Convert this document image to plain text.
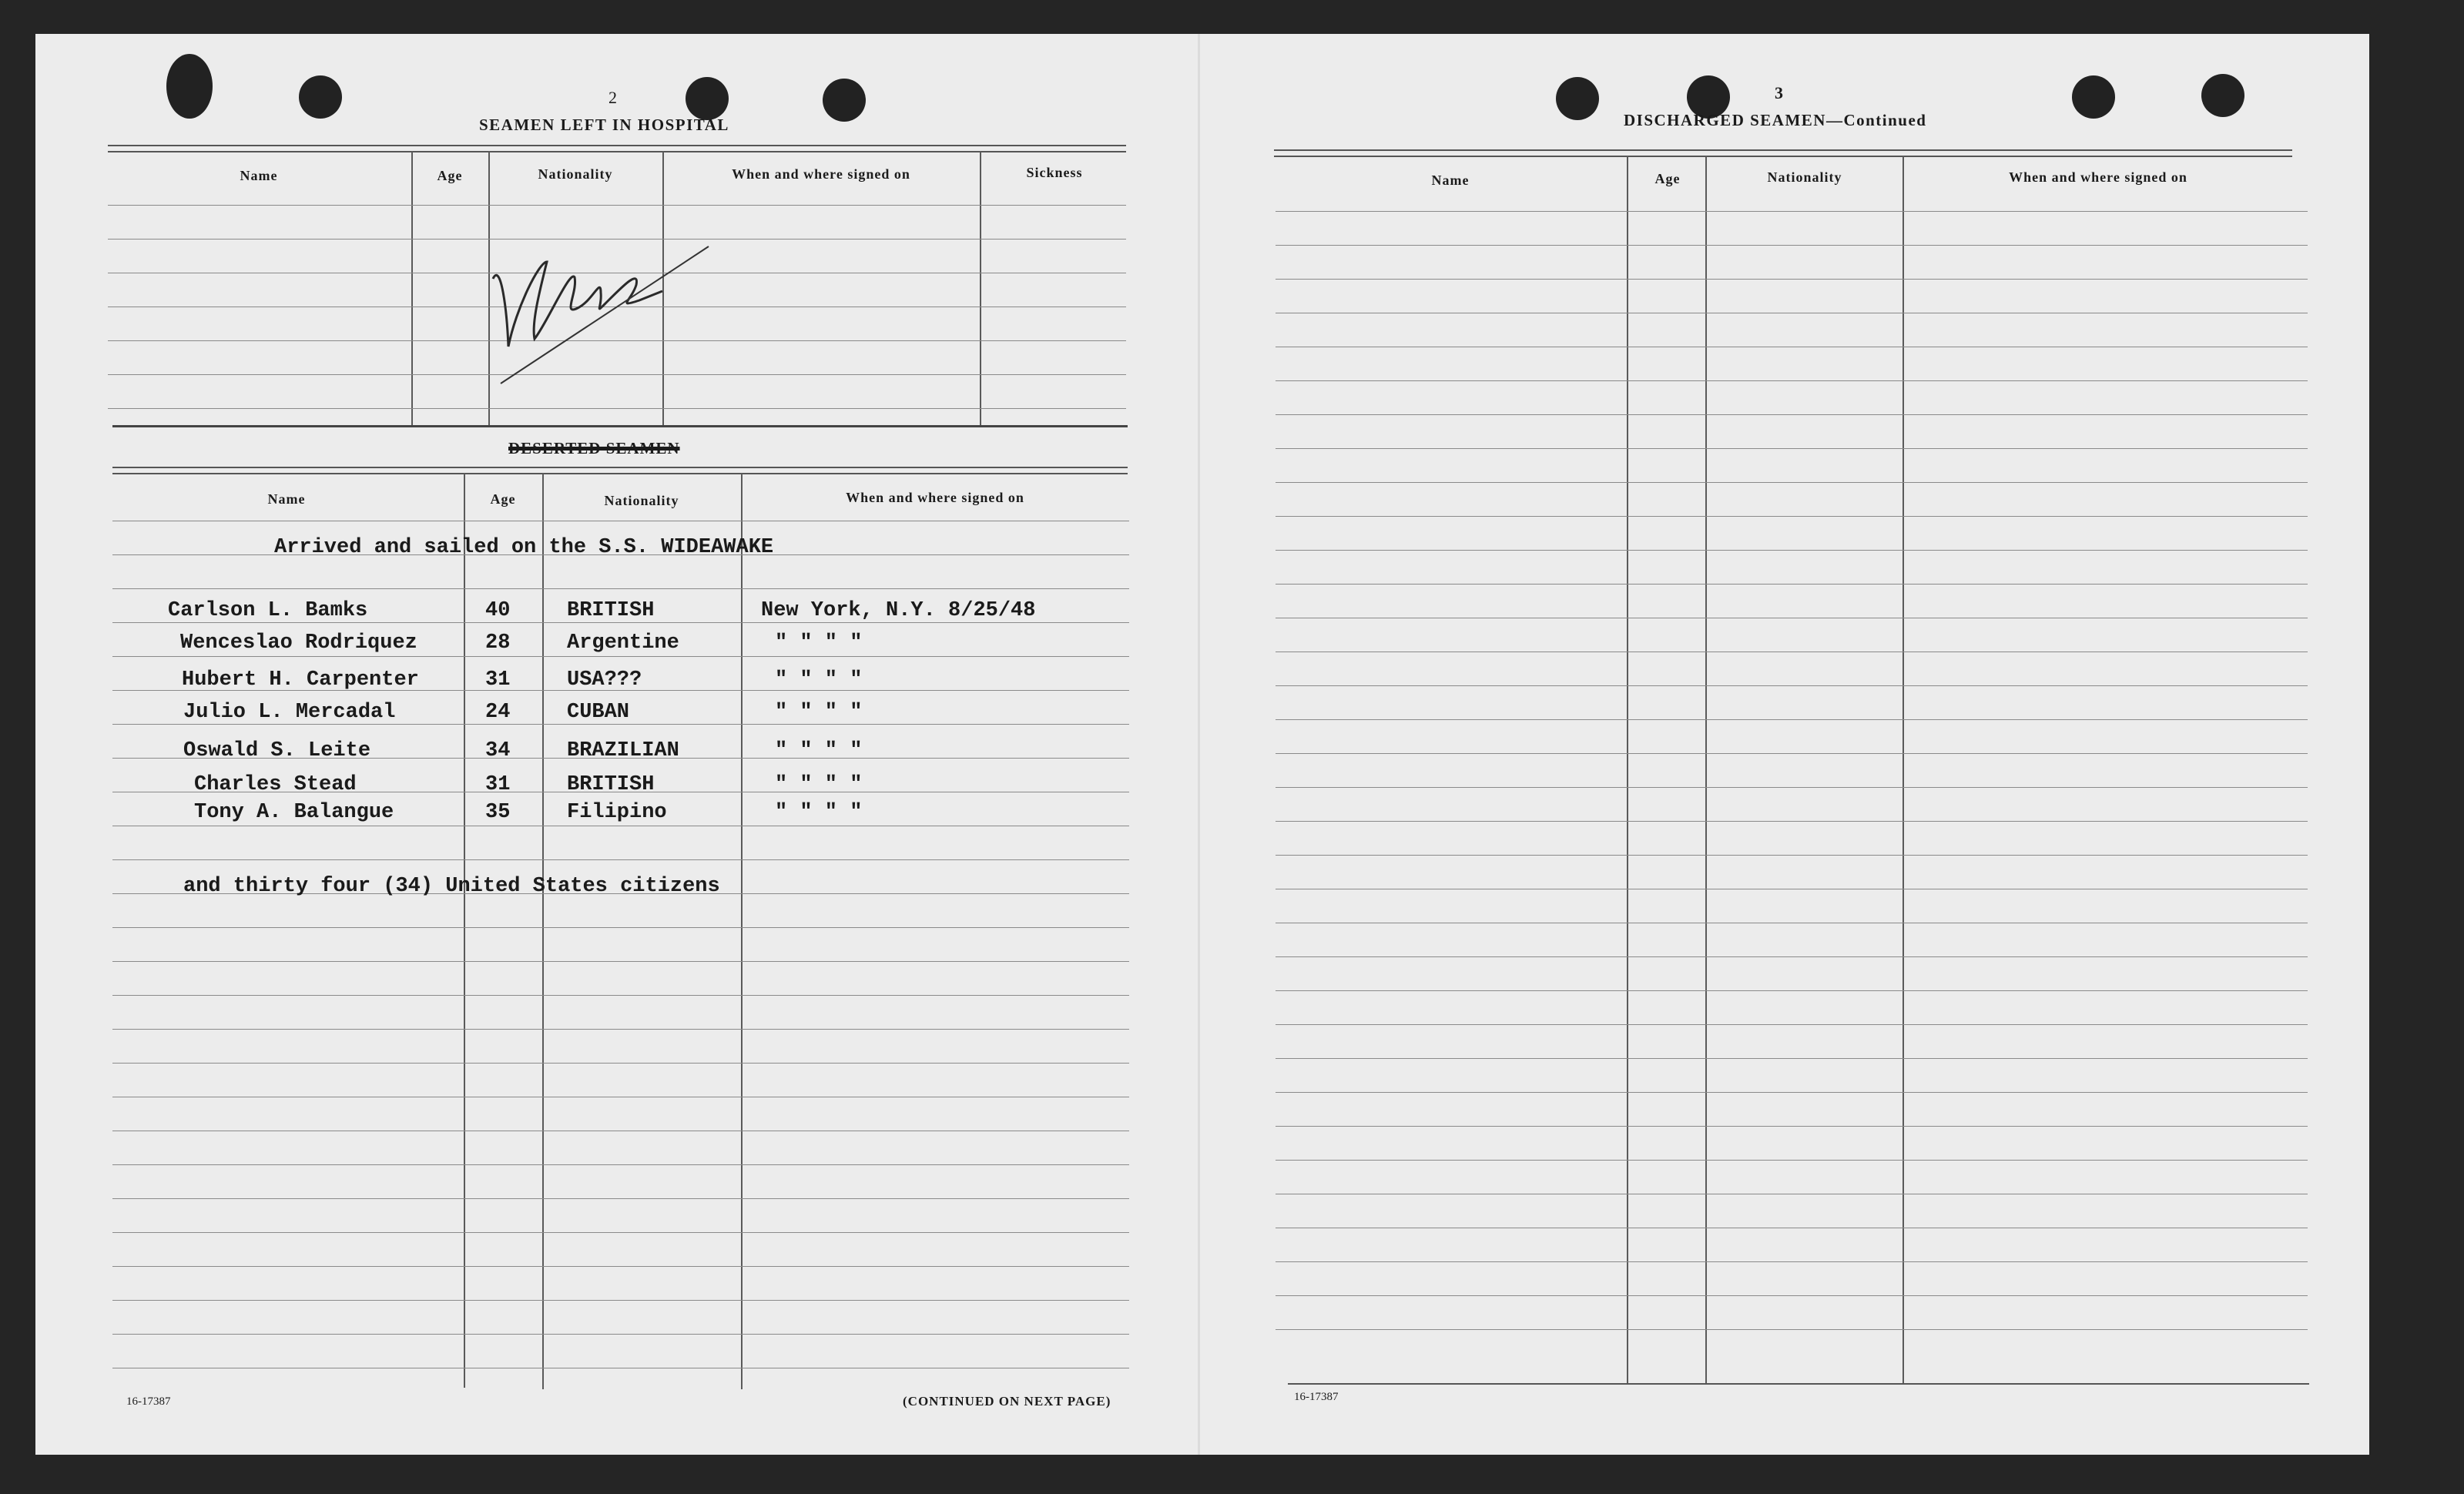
2
SEAMEN LEFT IN HOSPITAL
Name	Age	Nationality	When and where signed on	Sickness
DESERTED SEAMEN
Name	Age	Nationality	When and where signed on
Arrived and sailed on the S.S. WIDEAWAKE
Carlson L. Bamks	40	BRITISH	New York, N.Y. 8/25/48
Wenceslao Rodriquez	28	Argentine	" " " "
Hubert H. Carpenter	31	USA???	" " " "
Julio L. Mercadal	24	CUBAN	" " " "
Oswald S. Leite	34	BRAZILIAN	" " " "
Charles Stead	31	BRITISH	" " " "
Tony A. Balangue	35	Filipino	" " " "
and thirty four (34) United States citizens
16-17387	(CONTINUED ON NEXT PAGE)
3
DISCHARGED SEAMEN—Continued
Name	Age	Nationality	When and where signed on
16-17387
